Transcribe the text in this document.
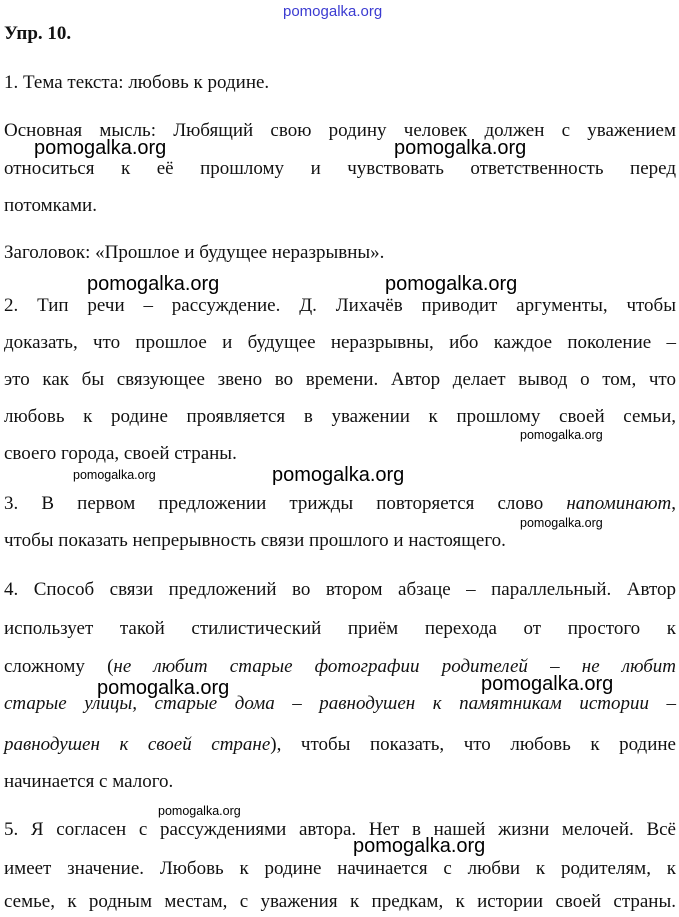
pomogalka.org
pomogalka.org	pomogalka.org
pomogalka.org	pomogalka.org
pomogalka.org
pomogalka.org	pomogalka.org
pomogalka.org
pomogalka.org	pomogalka.org
pomogalka.org
pomogalka.org

Упр. 10.

1. Тема текста: любовь к родине.

Основная мысль: Любящий свою родину человек должен с уважением

относиться к её прошлому и чувствовать ответственность перед

потомками.

Заголовок: «Прошлое и будущее неразрывны».

2. Тип речи – рассуждение. Д. Лихачёв приводит аргументы, чтобы

доказать, что прошлое и будущее неразрывны, ибо каждое поколение –

это как бы связующее звено во времени. Автор делает вывод о том, что

любовь к родине проявляется в уважении к прошлому своей семьи,

своего города, своей страны.

3. В первом предложении трижды повторяется слово напоминают,

чтобы показать непрерывность связи прошлого и настоящего.

4. Способ связи предложений во втором абзаце – параллельный. Автор

использует такой стилистический приём перехода от простого к

сложному (не любит старые фотографии родителей – не любит

старые улицы, старые дома – равнодушен к памятникам истории –

равнодушен к своей стране), чтобы показать, что любовь к родине

начинается с малого.

5. Я согласен с рассуждениями автора. Нет в нашей жизни мелочей. Всё

имеет значение. Любовь к родине начинается с любви к родителям, к

семье, к родным местам, с уважения к предкам, к истории своей страны.
